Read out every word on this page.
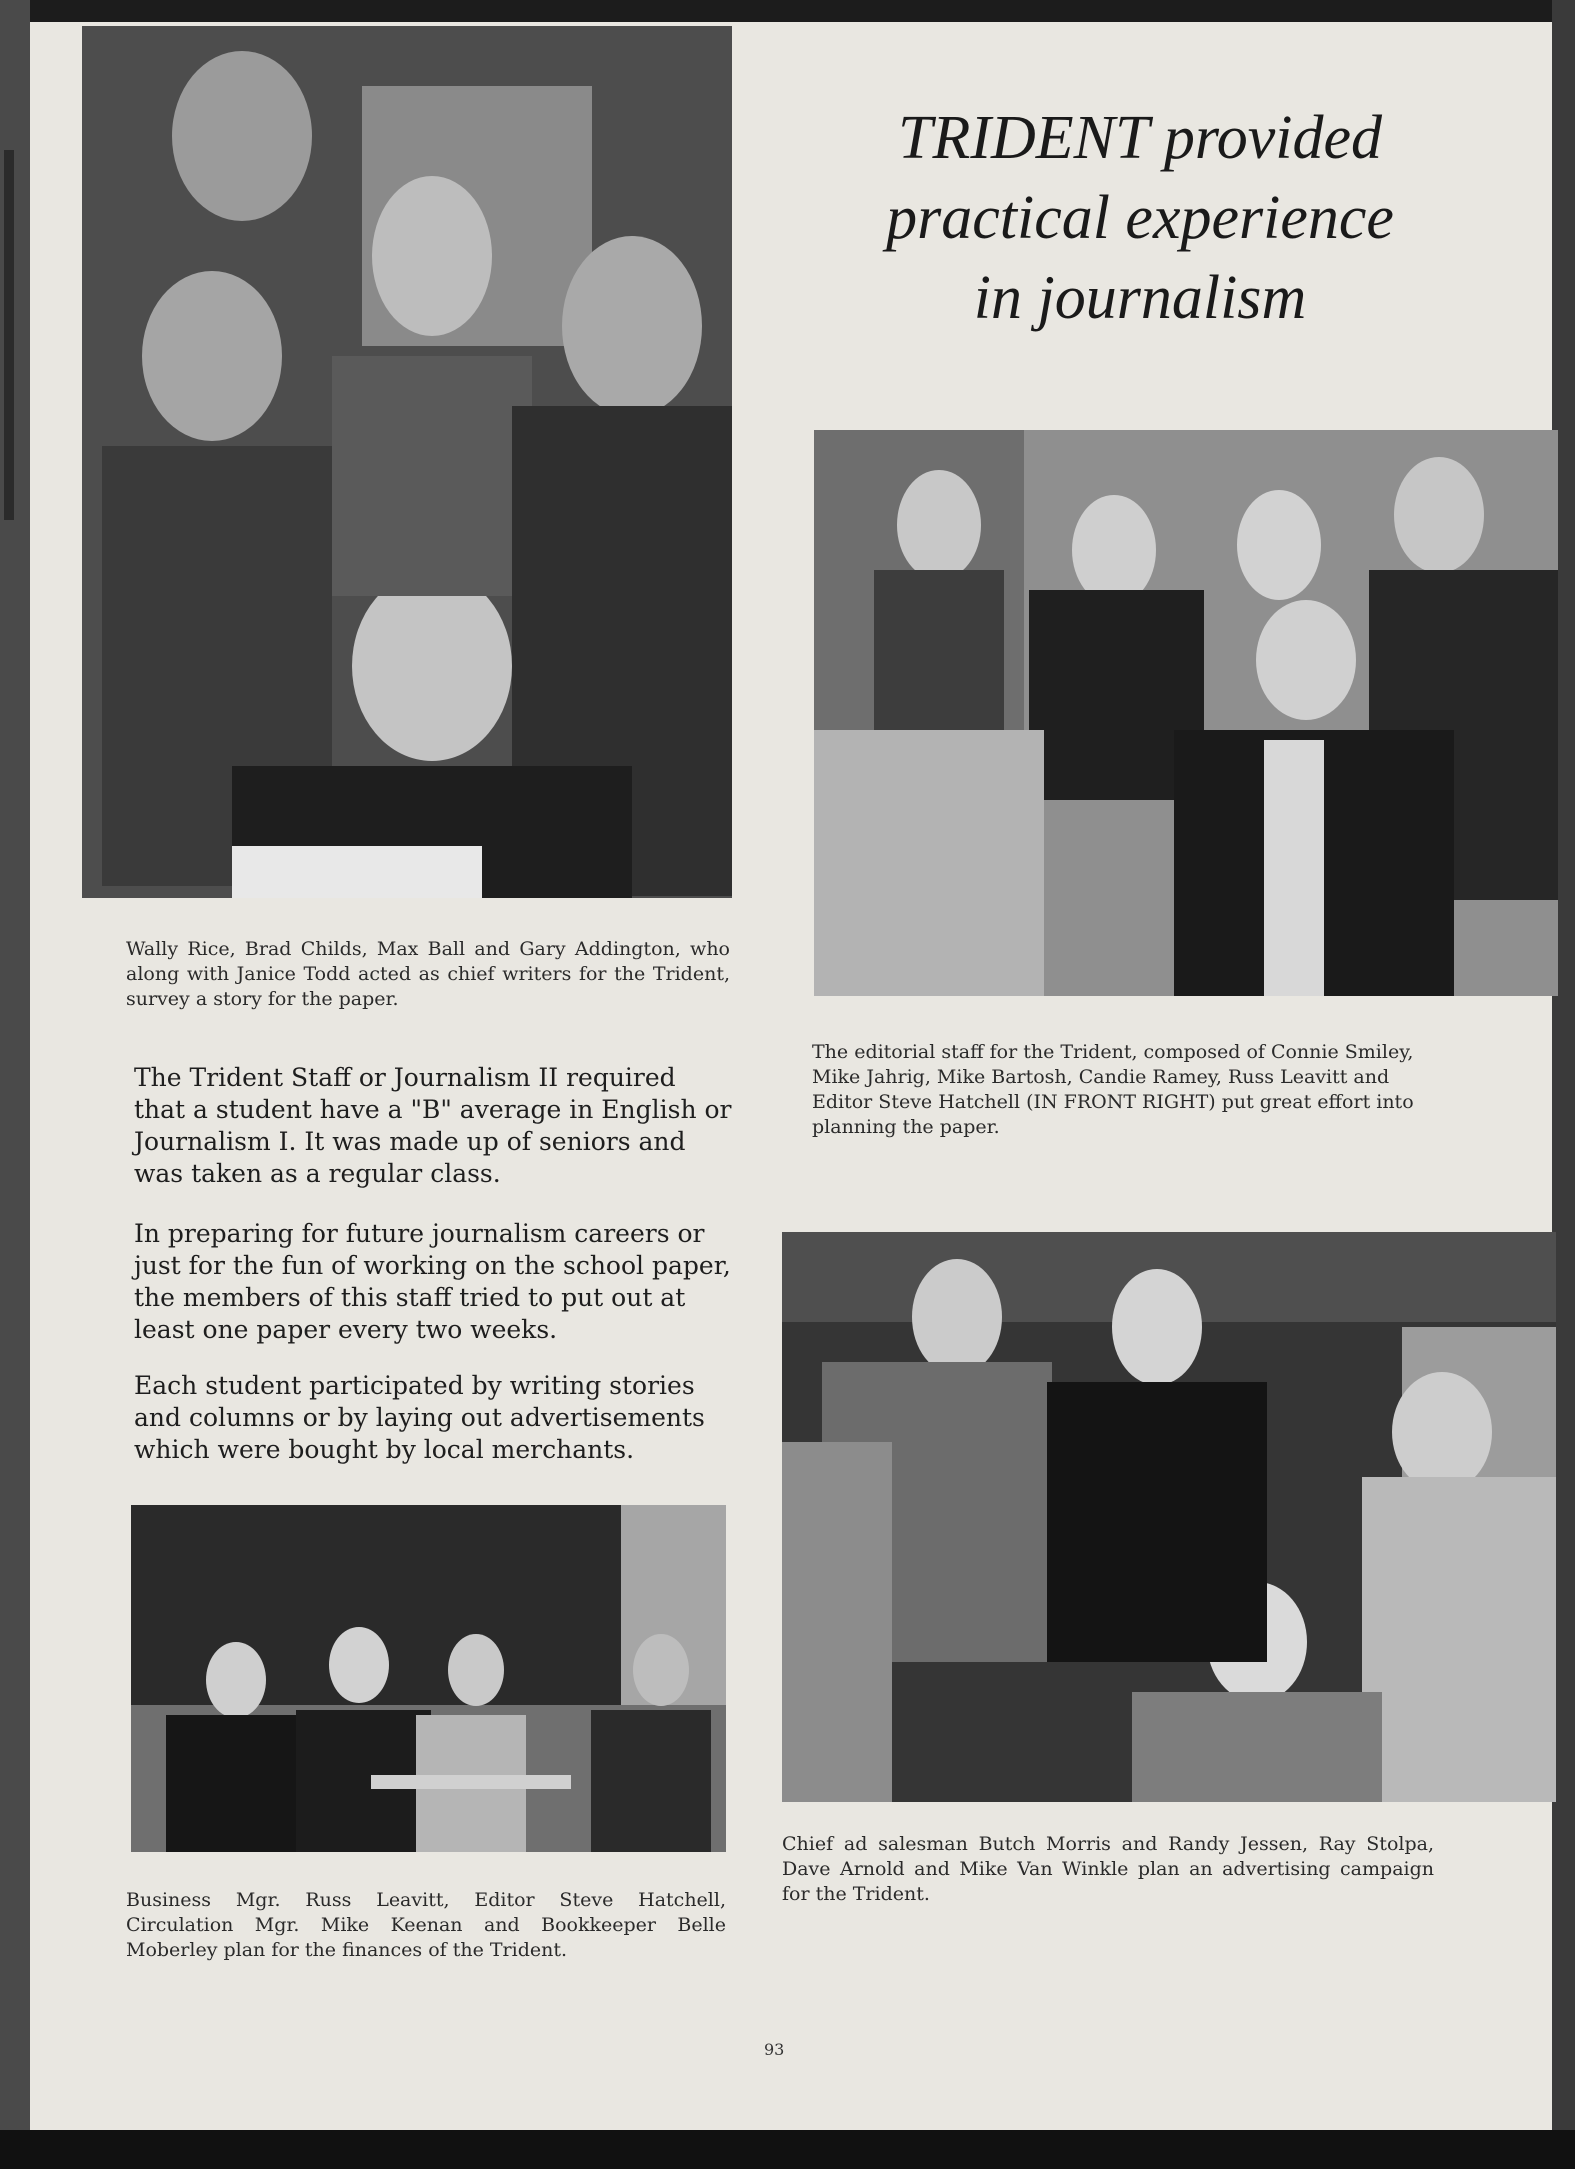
Wally Rice, Brad Childs, Max Ball and Gary Addington, who along with Janice Todd acted as chief writers for the Trident, survey a story for the paper.
TRIDENT provided
practical experience
in journalism
The editorial staff for the Trident, composed of Connie Smiley, Mike Jahrig, Mike Bartosh, Candie Ramey, Russ Leavitt and Editor Steve Hatchell (IN FRONT RIGHT) put great effort into planning the paper.
The Trident Staff or Journalism II required that a student have a "B" average in English or Journalism I. It was made up of seniors and was taken as a regular class.
In preparing for future journalism careers or just for the fun of working on the school paper, the members of this staff tried to put out at least one paper every two weeks.
Each student participated by writing stories and columns or by laying out advertisements which were bought by local merchants.
Business Mgr. Russ Leavitt, Editor Steve Hatchell, Circulation Mgr. Mike Keenan and Bookkeeper Belle Moberley plan for the finances of the Trident.
Chief ad salesman Butch Morris and Randy Jessen, Ray Stolpa, Dave Arnold and Mike Van Winkle plan an advertising campaign for the Trident.
93
